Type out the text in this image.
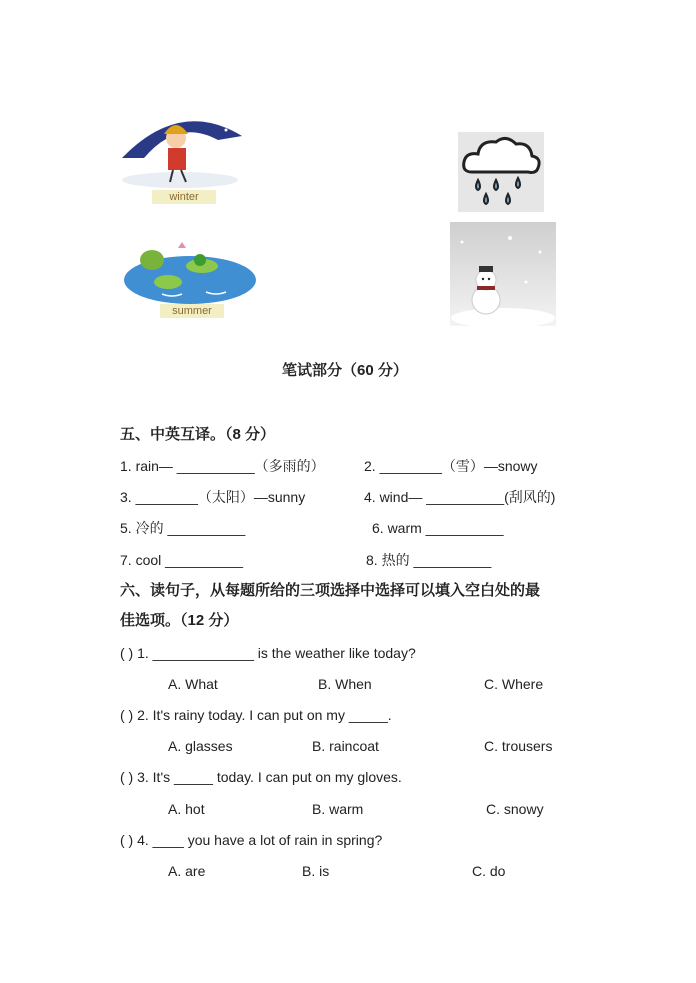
winter
summer
笔试部分（60 分）
五、中英互译。（8 分）
1. rain— __________（多雨的）	2. ________（雪）—snowy
3. ________（太阳）—sunny	4. wind— __________(刮风的)
5. 冷的 __________	6. warm __________
7. cool __________	8. 热的 __________
六、读句子，从每题所给的三项选择中选择可以填入空白处的最
佳选项。（12 分）
( ) 1. _____________ is the weather like today?
A. What	B. When	C. Where
( ) 2. It's rainy today. I can put on my _____.
A. glasses	B. raincoat	C. trousers
( ) 3. It's _____ today. I can put on my gloves.
A. hot	B. warm	C. snowy
( ) 4. ____ you have a lot of rain in spring?
A. are	B. is	C. do
